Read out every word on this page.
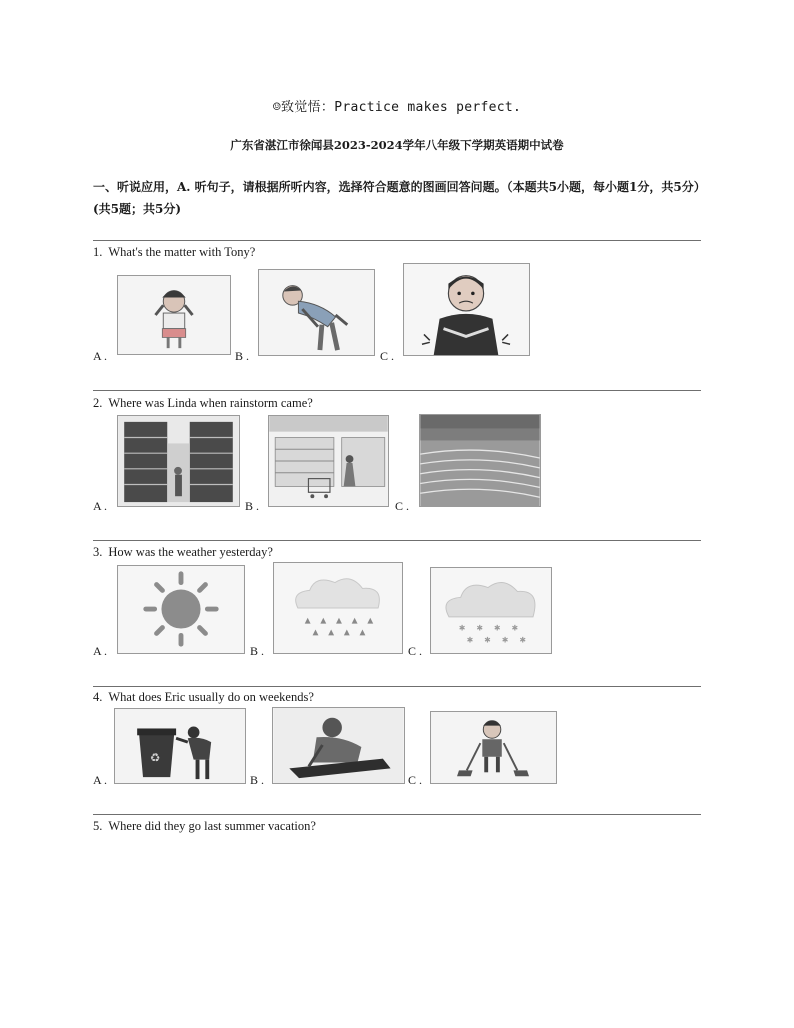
☺致觉悟：Practice makes perfect.
广东省湛江市徐闻县2023-2024学年八年级下学期英语期中试卷
一、听说应用，A. 听句子，请根据所听内容，选择符合题意的图画回答问题。（本题共5小题，每小题1分，共5分）(共5题；共5分)
1. What's the matter with Tony?
A .	B .	C .
2. Where was Linda when rainstorm came?
A .	B .	C .
3. How was the weather yesterday?
A .	B .	C .
✱ ✱ ✱ ✱
✱ ✱ ✱ ✱
4. What does Eric usually do on weekends?
A .
♻
B .	C .
5. Where did they go last summer vacation?
